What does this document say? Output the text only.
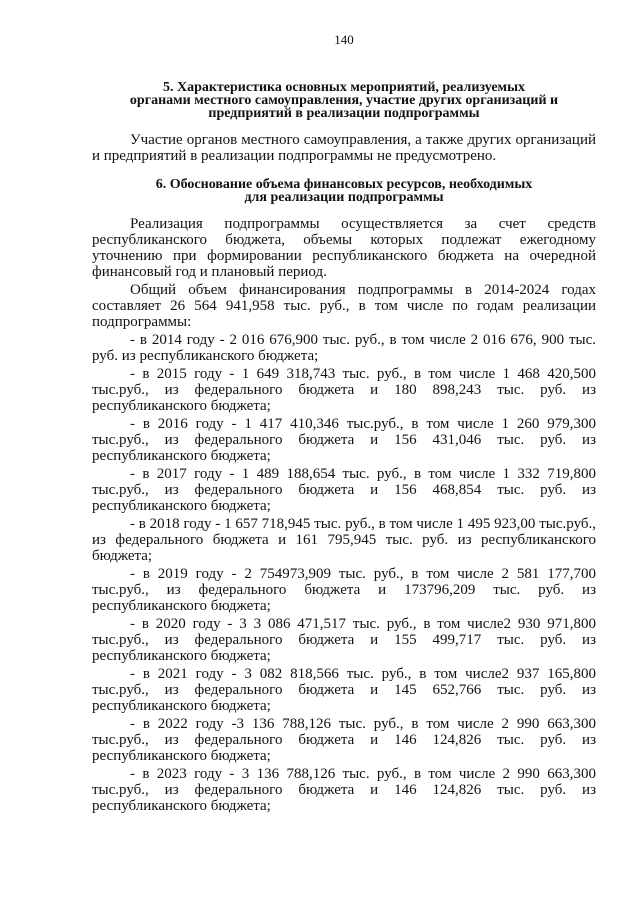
140
5. Характеристика основных мероприятий, реализуемых
органами местного самоуправления, участие других организаций и
предприятий в реализации подпрограммы

Участие органов местного самоуправления, а также других организаций и предприятий в реализации подпрограммы не предусмотрено.

6. Обоснование объема финансовых ресурсов, необходимых
для реализации подпрограммы

Реализация подпрограммы осуществляется за счет средств республиканского бюджета, объемы которых подлежат ежегодному уточнению при формировании республиканского бюджета на очередной финансовый год и плановый период.

Общий объем финансирования подпрограммы в 2014-2024 годах составляет 26 564 941,958 тыс. руб., в том числе по годам реализации подпрограммы:

- в 2014 году - 2 016 676,900 тыс. руб., в том числе 2 016 676, 900 тыс. руб. из республиканского бюджета;

- в 2015 году - 1 649 318,743 тыс. руб., в том числе 1 468 420,500 тыс.руб., из федерального бюджета и 180 898,243 тыс. руб. из республиканского бюджета;

- в 2016 году - 1 417 410,346 тыс.руб., в том числе 1 260 979,300 тыс.руб., из федерального бюджета и 156 431,046 тыс. руб. из республиканского бюджета;

- в 2017 году - 1 489 188,654 тыс. руб., в том числе 1 332 719,800 тыс.руб., из федерального бюджета и 156 468,854 тыс. руб. из республиканского бюджета;

- в 2018 году - 1 657 718,945 тыс. руб., в том числе 1 495 923,00 тыс.руб., из федерального бюджета и 161 795,945 тыс. руб. из республиканского бюджета;

- в 2019 году - 2 754973,909 тыс. руб., в том числе 2 581 177,700 тыс.руб., из федерального бюджета и 173796,209 тыс. руб. из республиканского бюджета;

- в 2020 году - 3 3 086 471,517 тыс. руб., в том числе2 930 971,800 тыс.руб., из федерального бюджета и 155 499,717 тыс. руб. из республиканского бюджета;

- в 2021 году - 3 082 818,566 тыс. руб., в том числе2 937 165,800 тыс.руб., из федерального бюджета и 145 652,766 тыс. руб. из республиканского бюджета;

- в 2022 году -3 136 788,126 тыс. руб., в том числе 2 990 663,300 тыс.руб., из федерального бюджета и 146 124,826 тыс. руб. из республиканского бюджета;

- в 2023 году - 3 136 788,126 тыс. руб., в том числе 2 990 663,300 тыс.руб., из федерального бюджета и 146 124,826 тыс. руб. из республиканского бюджета;
